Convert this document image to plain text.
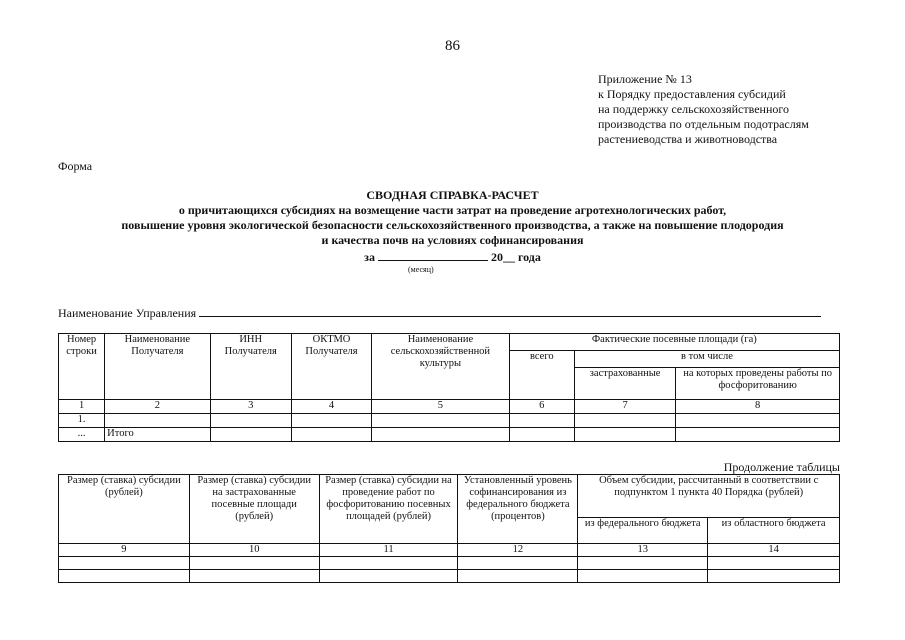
86
Приложение № 13
к Порядку предоставления субсидий
на поддержку сельскохозяйственного
производства по отдельным подотраслям
растениеводства и животноводства
Форма
СВОДНАЯ СПРАВКА-РАСЧЕТ
о причитающихся субсидиях на возмещение части затрат на проведение агротехнологических работ,
повышение уровня экологической безопасности сельскохозяйственного производства, а также на повышение плодородия
и качества почв на условиях софинансирования
за	20__ года
(месяц)
Наименование Управления
Номер строки	Наименование Получателя	ИНН Получателя	ОКТМО Получателя	Наименование сельскохозяйственной культуры	Фактические посевные площади (га)		
					всего	в том числе	
						застрахованные	на которых проведены работы по фосфоритованию
1	2	3	4	5	6	7	8
1.							
...	Итого						
Продолжение таблицы
Размер (ставка) субсидии (рублей)	Размер (ставка) субсидии на застрахованные посевные площади (рублей)	Размер (ставка) субсидии на проведение работ по фосфоритованию посевных площадей (рублей)	Установленный уровень софинансирования из федерального бюджета (процентов)	Объем субсидии, рассчитанный в соответствии с подпунктом 1 пункта 40 Порядка (рублей)	
				из федерального бюджета	из областного бюджета
9	10	11	12	13	14
